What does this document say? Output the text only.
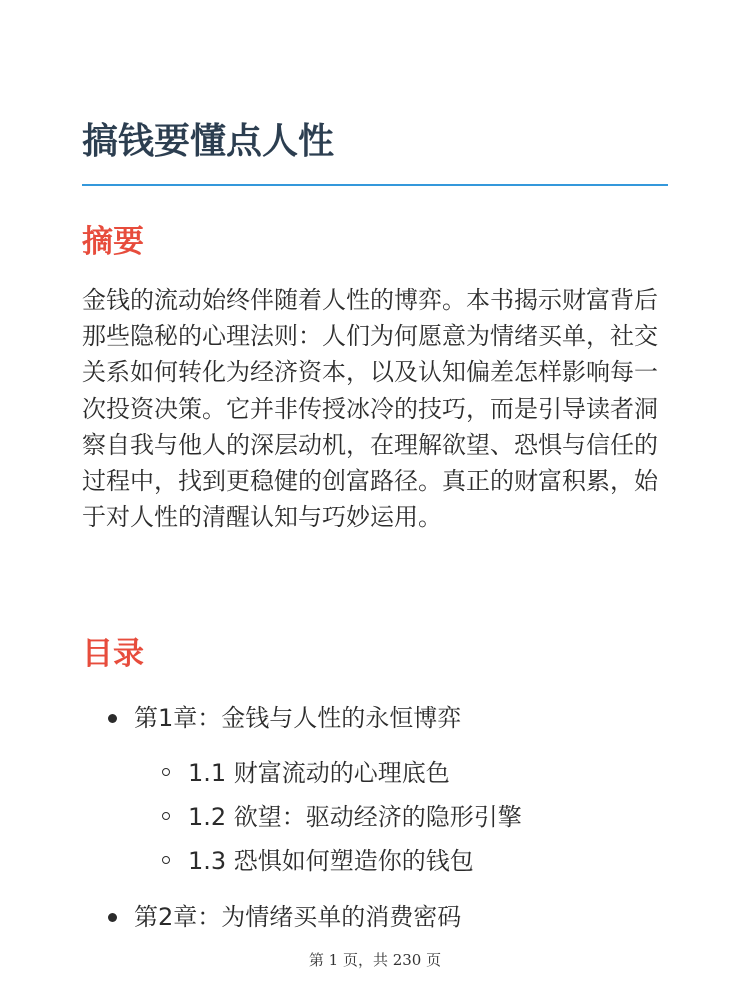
搞钱要懂点人性
摘要

金钱的流动始终伴随着人性的博弈。本书揭示财富背后那些隐秘的心理法则：人们为何愿意为情绪买单，社交关系如何转化为经济资本，以及认知偏差怎样影响每一次投资决策。它并非传授冰冷的技巧，而是引导读者洞察自我与他人的深层动机，在理解欲望、恐惧与信任的过程中，找到更稳健的创富路径。真正的财富积累，始于对人性的清醒认知与巧妙运用。

目录
第1章：金钱与人性的永恒博弈
1.1 财富流动的心理底色
1.2 欲望：驱动经济的隐形引擎
1.3 恐惧如何塑造你的钱包
第2章：为情绪买单的消费密码
第 1 页，共 230 页
